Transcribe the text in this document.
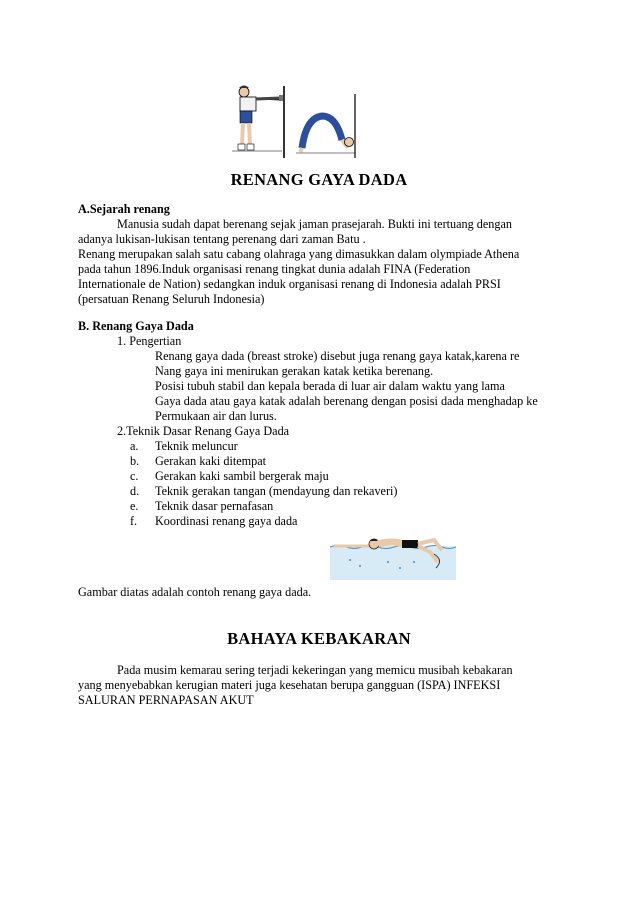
RENANG GAYA DADA
A.Sejarah renang
Manusia sudah dapat berenang sejak jaman prasejarah. Bukti ini tertuang dengan
adanya lukisan-lukisan tentang perenang dari zaman Batu .
Renang merupakan salah satu cabang olahraga yang dimasukkan dalam olympiade Athena
pada tahun 1896.Induk organisasi renang tingkat dunia adalah FINA (Federation
Internationale de Nation) sedangkan induk organisasi renang di Indonesia adalah PRSI
(persatuan Renang Seluruh Indonesia)
B. Renang Gaya Dada
1. Pengertian
Renang gaya dada (breast stroke) disebut juga renang gaya katak,karena re
Nang gaya ini menirukan gerakan katak ketika berenang.
Posisi tubuh stabil dan kepala berada di luar air dalam waktu yang lama
Gaya dada atau gaya katak adalah berenang dengan posisi dada menghadap ke
Permukaan air dan lurus.
2.Teknik Dasar Renang Gaya Dada
a. Teknik meluncur
b. Gerakan kaki ditempat
c. Gerakan kaki sambil bergerak maju
d. Teknik gerakan tangan (mendayung dan rekaveri)
e. Teknik dasar pernafasan
f. Koordinasi renang gaya dada
Gambar diatas adalah contoh renang gaya dada.
BAHAYA KEBAKARAN
Pada musim kemarau sering terjadi kekeringan yang memicu musibah kebakaran
yang menyebabkan kerugian materi juga kesehatan berupa gangguan (ISPA) INFEKSI
SALURAN PERNAPASAN AKUT
